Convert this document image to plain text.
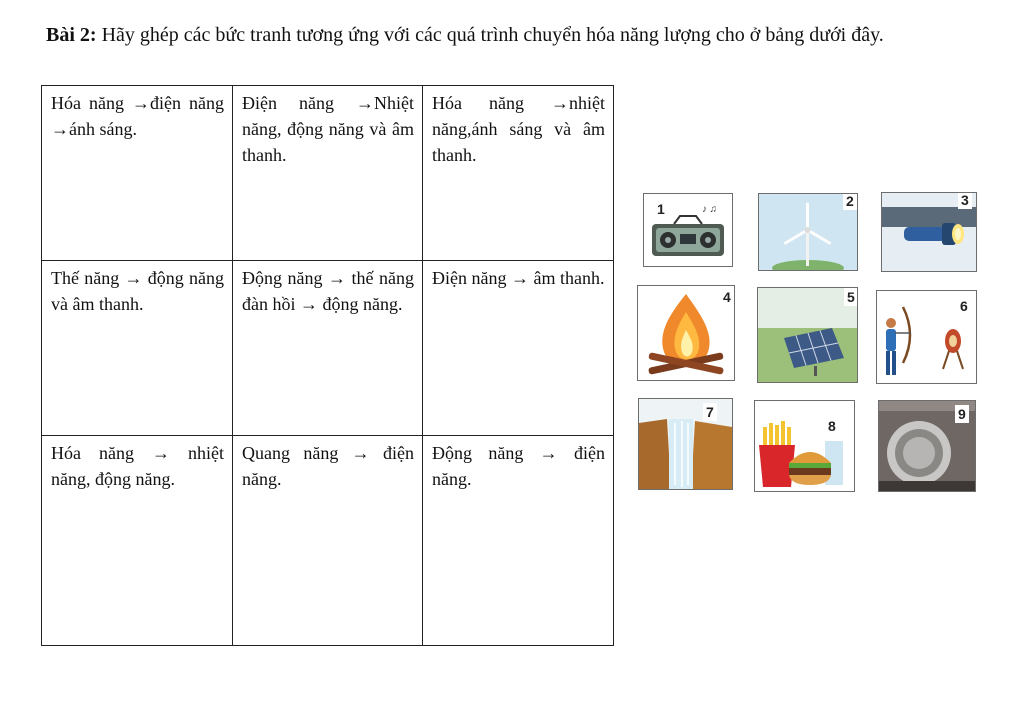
Bài 2: Hãy ghép các bức tranh tương ứng với các quá trình chuyển hóa năng lượng cho ở bảng dưới đây.
Hóa năng →điện năng →ánh sáng.	Điện năng →Nhiệt năng, động năng và âm thanh.	Hóa năng →nhiệt năng,ánh sáng và âm thanh.
Thế năng → động năng và âm thanh.	Động năng → thế năng đàn hồi → động năng.	Điện năng → âm thanh.
Hóa năng → nhiệt năng, động năng.	Quang năng → điện năng.	Động năng → điện năng.
♪ ♫
1	2	3
4	5
6
7
8
9
